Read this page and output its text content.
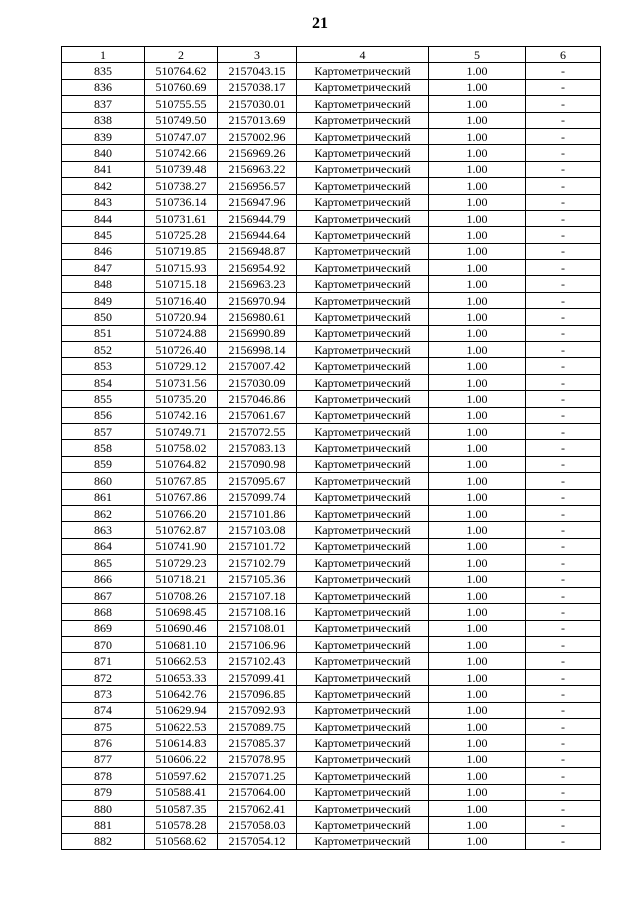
21
1	2	3	4	5	6
835	510764.62	2157043.15	Картометрический	1.00	-
836	510760.69	2157038.17	Картометрический	1.00	-
837	510755.55	2157030.01	Картометрический	1.00	-
838	510749.50	2157013.69	Картометрический	1.00	-
839	510747.07	2157002.96	Картометрический	1.00	-
840	510742.66	2156969.26	Картометрический	1.00	-
841	510739.48	2156963.22	Картометрический	1.00	-
842	510738.27	2156956.57	Картометрический	1.00	-
843	510736.14	2156947.96	Картометрический	1.00	-
844	510731.61	2156944.79	Картометрический	1.00	-
845	510725.28	2156944.64	Картометрический	1.00	-
846	510719.85	2156948.87	Картометрический	1.00	-
847	510715.93	2156954.92	Картометрический	1.00	-
848	510715.18	2156963.23	Картометрический	1.00	-
849	510716.40	2156970.94	Картометрический	1.00	-
850	510720.94	2156980.61	Картометрический	1.00	-
851	510724.88	2156990.89	Картометрический	1.00	-
852	510726.40	2156998.14	Картометрический	1.00	-
853	510729.12	2157007.42	Картометрический	1.00	-
854	510731.56	2157030.09	Картометрический	1.00	-
855	510735.20	2157046.86	Картометрический	1.00	-
856	510742.16	2157061.67	Картометрический	1.00	-
857	510749.71	2157072.55	Картометрический	1.00	-
858	510758.02	2157083.13	Картометрический	1.00	-
859	510764.82	2157090.98	Картометрический	1.00	-
860	510767.85	2157095.67	Картометрический	1.00	-
861	510767.86	2157099.74	Картометрический	1.00	-
862	510766.20	2157101.86	Картометрический	1.00	-
863	510762.87	2157103.08	Картометрический	1.00	-
864	510741.90	2157101.72	Картометрический	1.00	-
865	510729.23	2157102.79	Картометрический	1.00	-
866	510718.21	2157105.36	Картометрический	1.00	-
867	510708.26	2157107.18	Картометрический	1.00	-
868	510698.45	2157108.16	Картометрический	1.00	-
869	510690.46	2157108.01	Картометрический	1.00	-
870	510681.10	2157106.96	Картометрический	1.00	-
871	510662.53	2157102.43	Картометрический	1.00	-
872	510653.33	2157099.41	Картометрический	1.00	-
873	510642.76	2157096.85	Картометрический	1.00	-
874	510629.94	2157092.93	Картометрический	1.00	-
875	510622.53	2157089.75	Картометрический	1.00	-
876	510614.83	2157085.37	Картометрический	1.00	-
877	510606.22	2157078.95	Картометрический	1.00	-
878	510597.62	2157071.25	Картометрический	1.00	-
879	510588.41	2157064.00	Картометрический	1.00	-
880	510587.35	2157062.41	Картометрический	1.00	-
881	510578.28	2157058.03	Картометрический	1.00	-
882	510568.62	2157054.12	Картометрический	1.00	-
